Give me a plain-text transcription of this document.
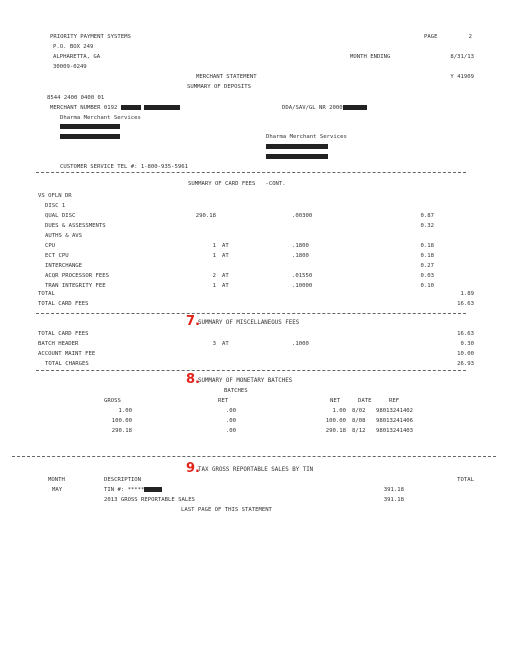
PRIORITY PAYMENT SYSTEMS	PAGE	2
P.O. BOX 249
ALPHARETTA, GA
30009-0249
MONTH ENDING	8/31/13
MERCHANT STATEMENT	Y 41909
SUMMARY OF DEPOSITS
8544 2400 0400 01
MERCHANT NUMBER 0192	DDA/SAV/GL NR 2000
Dharma Merchant Services
Dharma Merchant Services
CUSTOMER SERVICE TEL #: 1-800-935-5961
SUMMARY OF CARD FEES   -CONT.
VS OFLN DR
DISC 1
QUAL DISC	290.18	.00300	0.87
DUES & ASSESSMENTS	0.32
AUTHS & AVS
CPU	1 AT	.1800	0.18
ECT CPU	1 AT	.1800	0.18
INTERCHANGE	0.27
ACQR PROCESSOR FEES	2 AT	.01550	0.03
TRAN INTEGRITY FEE	1 AT	.10000	0.10
TOTAL	1.89
TOTAL CARD FEES	16.63
7.
SUMMARY OF MISCELLANEOUS FEES
TOTAL CARD FEES	16.63
BATCH HEADER	3 AT	.1000	0.30
ACCOUNT MAINT FEE	10.00
TOTAL CHARGES	26.93
8.
SUMMARY OF MONETARY BATCHES
BATCHES
GROSS	RET	NET	DATE	REF
1.00	.00	1.00 8/02 98013241402
100.00	.00	100.00 8/08 98013241406
290.18	.00	290.18 8/12 98013241403
9.
TAX GROSS REPORTABLE SALES BY TIN
MONTH	DESCRIPTION	TOTAL
MAY	TIN #: *****	391.18
2013 GROSS REPORTABLE SALES	391.18
LAST PAGE OF THIS STATEMENT
